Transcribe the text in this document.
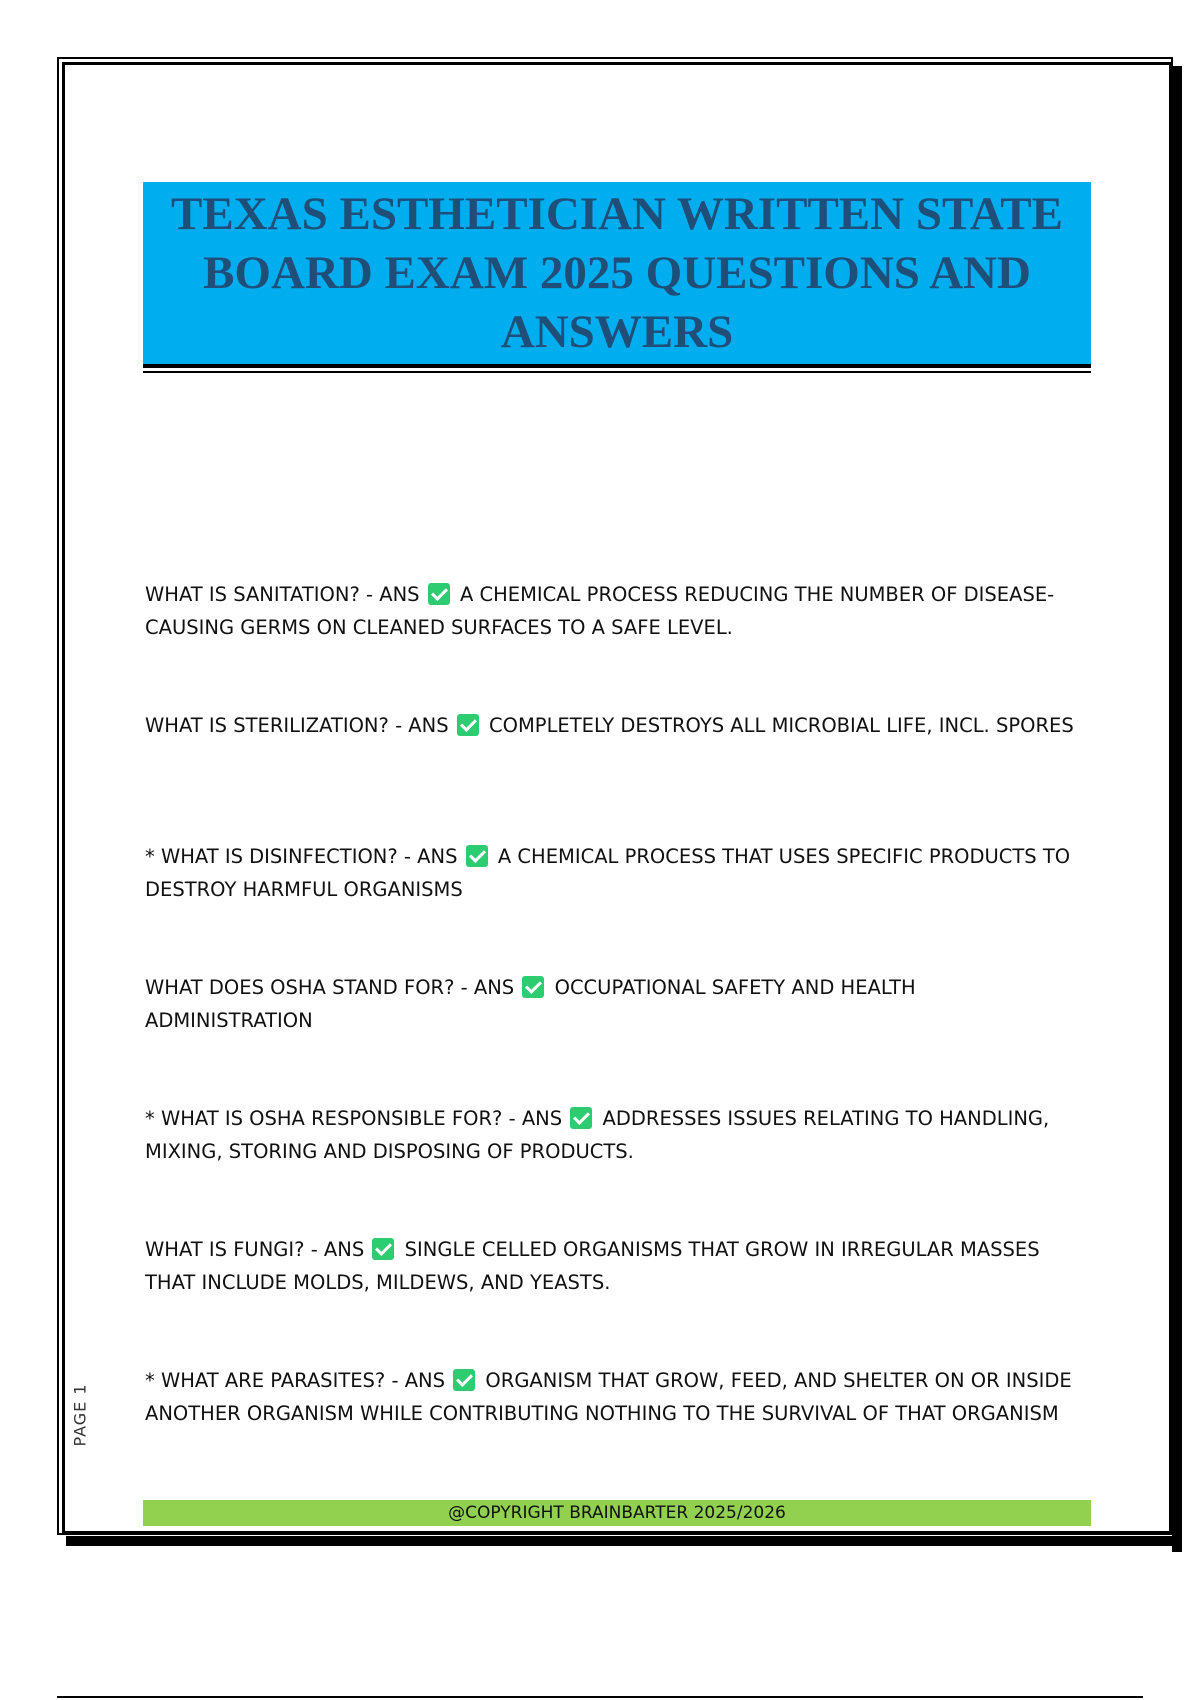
TEXAS ESTHETICIAN WRITTEN STATE BOARD EXAM 2025 QUESTIONS AND ANSWERS
WHAT IS SANITATION? - ANS A CHEMICAL PROCESS REDUCING THE NUMBER OF DISEASE-CAUSING GERMS ON CLEANED SURFACES TO A SAFE LEVEL.
WHAT IS STERILIZATION? - ANS COMPLETELY DESTROYS ALL MICROBIAL LIFE, INCL. SPORES
* WHAT IS DISINFECTION? - ANS A CHEMICAL PROCESS THAT USES SPECIFIC PRODUCTS TO DESTROY HARMFUL ORGANISMS
WHAT DOES OSHA STAND FOR? - ANS OCCUPATIONAL SAFETY AND HEALTH ADMINISTRATION
* WHAT IS OSHA RESPONSIBLE FOR? - ANS ADDRESSES ISSUES RELATING TO HANDLING, MIXING, STORING AND DISPOSING OF PRODUCTS.
WHAT IS FUNGI? - ANS SINGLE CELLED ORGANISMS THAT GROW IN IRREGULAR MASSES THAT INCLUDE MOLDS, MILDEWS, AND YEASTS.
* WHAT ARE PARASITES? - ANS ORGANISM THAT GROW, FEED, AND SHELTER ON OR INSIDE ANOTHER ORGANISM WHILE CONTRIBUTING NOTHING TO THE SURVIVAL OF THAT ORGANISM
PAGE 1
@COPYRIGHT BRAINBARTER 2025/2026
